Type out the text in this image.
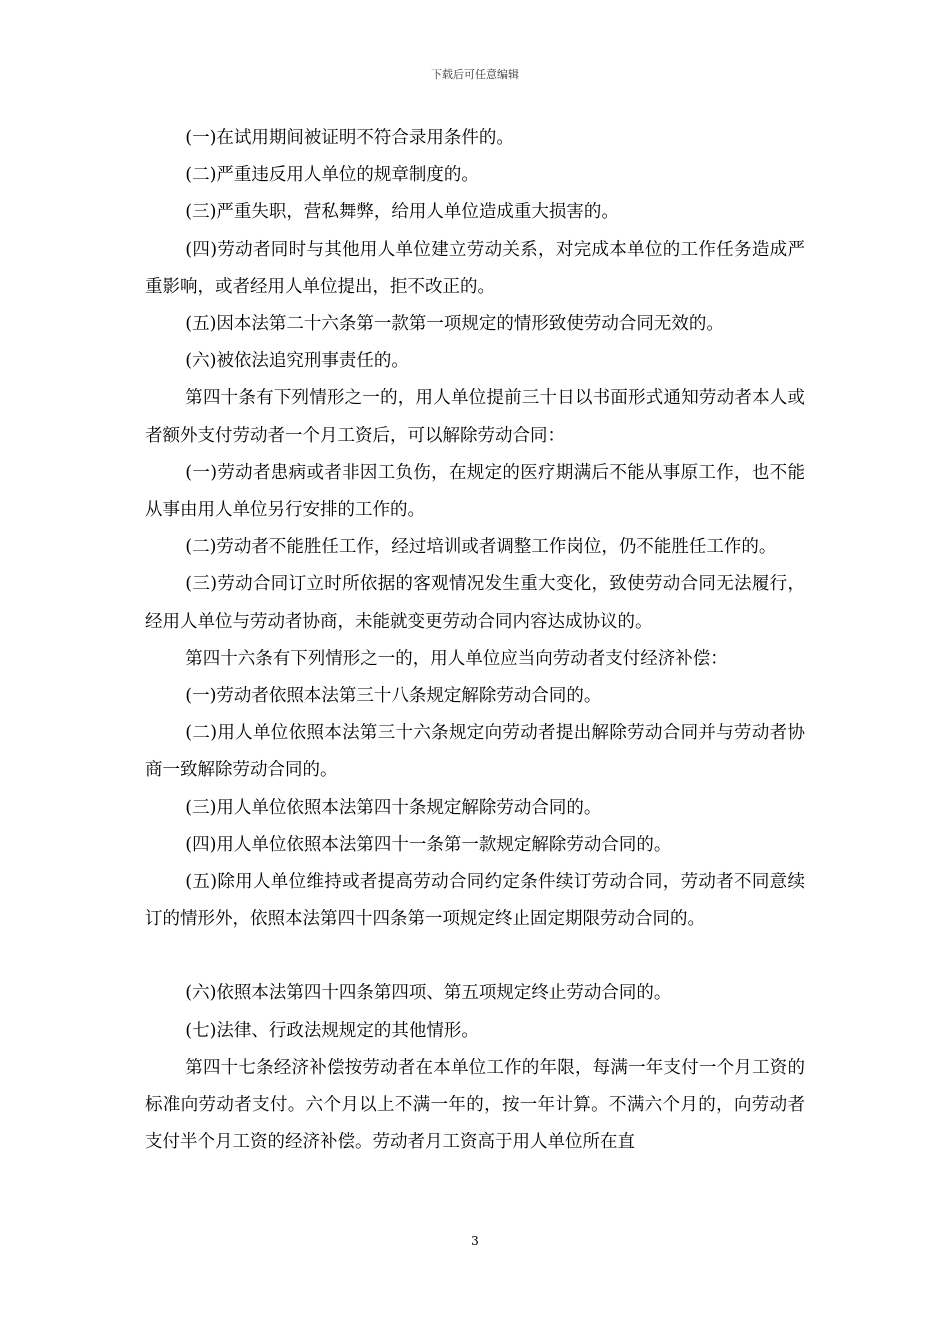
下载后可任意编辑

(一)在试用期间被证明不符合录用条件的。

(二)严重违反用人单位的规章制度的。

(三)严重失职，营私舞弊，给用人单位造成重大损害的。

(四)劳动者同时与其他用人单位建立劳动关系，对完成本单位的工作任务造成严重影响，或者经用人单位提出，拒不改正的。

(五)因本法第二十六条第一款第一项规定的情形致使劳动合同无效的。

(六)被依法追究刑事责任的。

第四十条有下列情形之一的，用人单位提前三十日以书面形式通知劳动者本人或者额外支付劳动者一个月工资后，可以解除劳动合同：

(一)劳动者患病或者非因工负伤，在规定的医疗期满后不能从事原工作，也不能从事由用人单位另行安排的工作的。

(二)劳动者不能胜任工作，经过培训或者调整工作岗位，仍不能胜任工作的。

(三)劳动合同订立时所依据的客观情况发生重大变化，致使劳动合同无法履行，经用人单位与劳动者协商，未能就变更劳动合同内容达成协议的。

第四十六条有下列情形之一的，用人单位应当向劳动者支付经济补偿：

(一)劳动者依照本法第三十八条规定解除劳动合同的。

(二)用人单位依照本法第三十六条规定向劳动者提出解除劳动合同并与劳动者协商一致解除劳动合同的。

(三)用人单位依照本法第四十条规定解除劳动合同的。

(四)用人单位依照本法第四十一条第一款规定解除劳动合同的。

(五)除用人单位维持或者提高劳动合同约定条件续订劳动合同，劳动者不同意续订的情形外，依照本法第四十四条第一项规定终止固定期限劳动合同的。

(六)依照本法第四十四条第四项、第五项规定终止劳动合同的。

(七)法律、行政法规规定的其他情形。

第四十七条经济补偿按劳动者在本单位工作的年限，每满一年支付一个月工资的标准向劳动者支付。六个月以上不满一年的，按一年计算。不满六个月的，向劳动者支付半个月工资的经济补偿。劳动者月工资高于用人单位所在直

3
